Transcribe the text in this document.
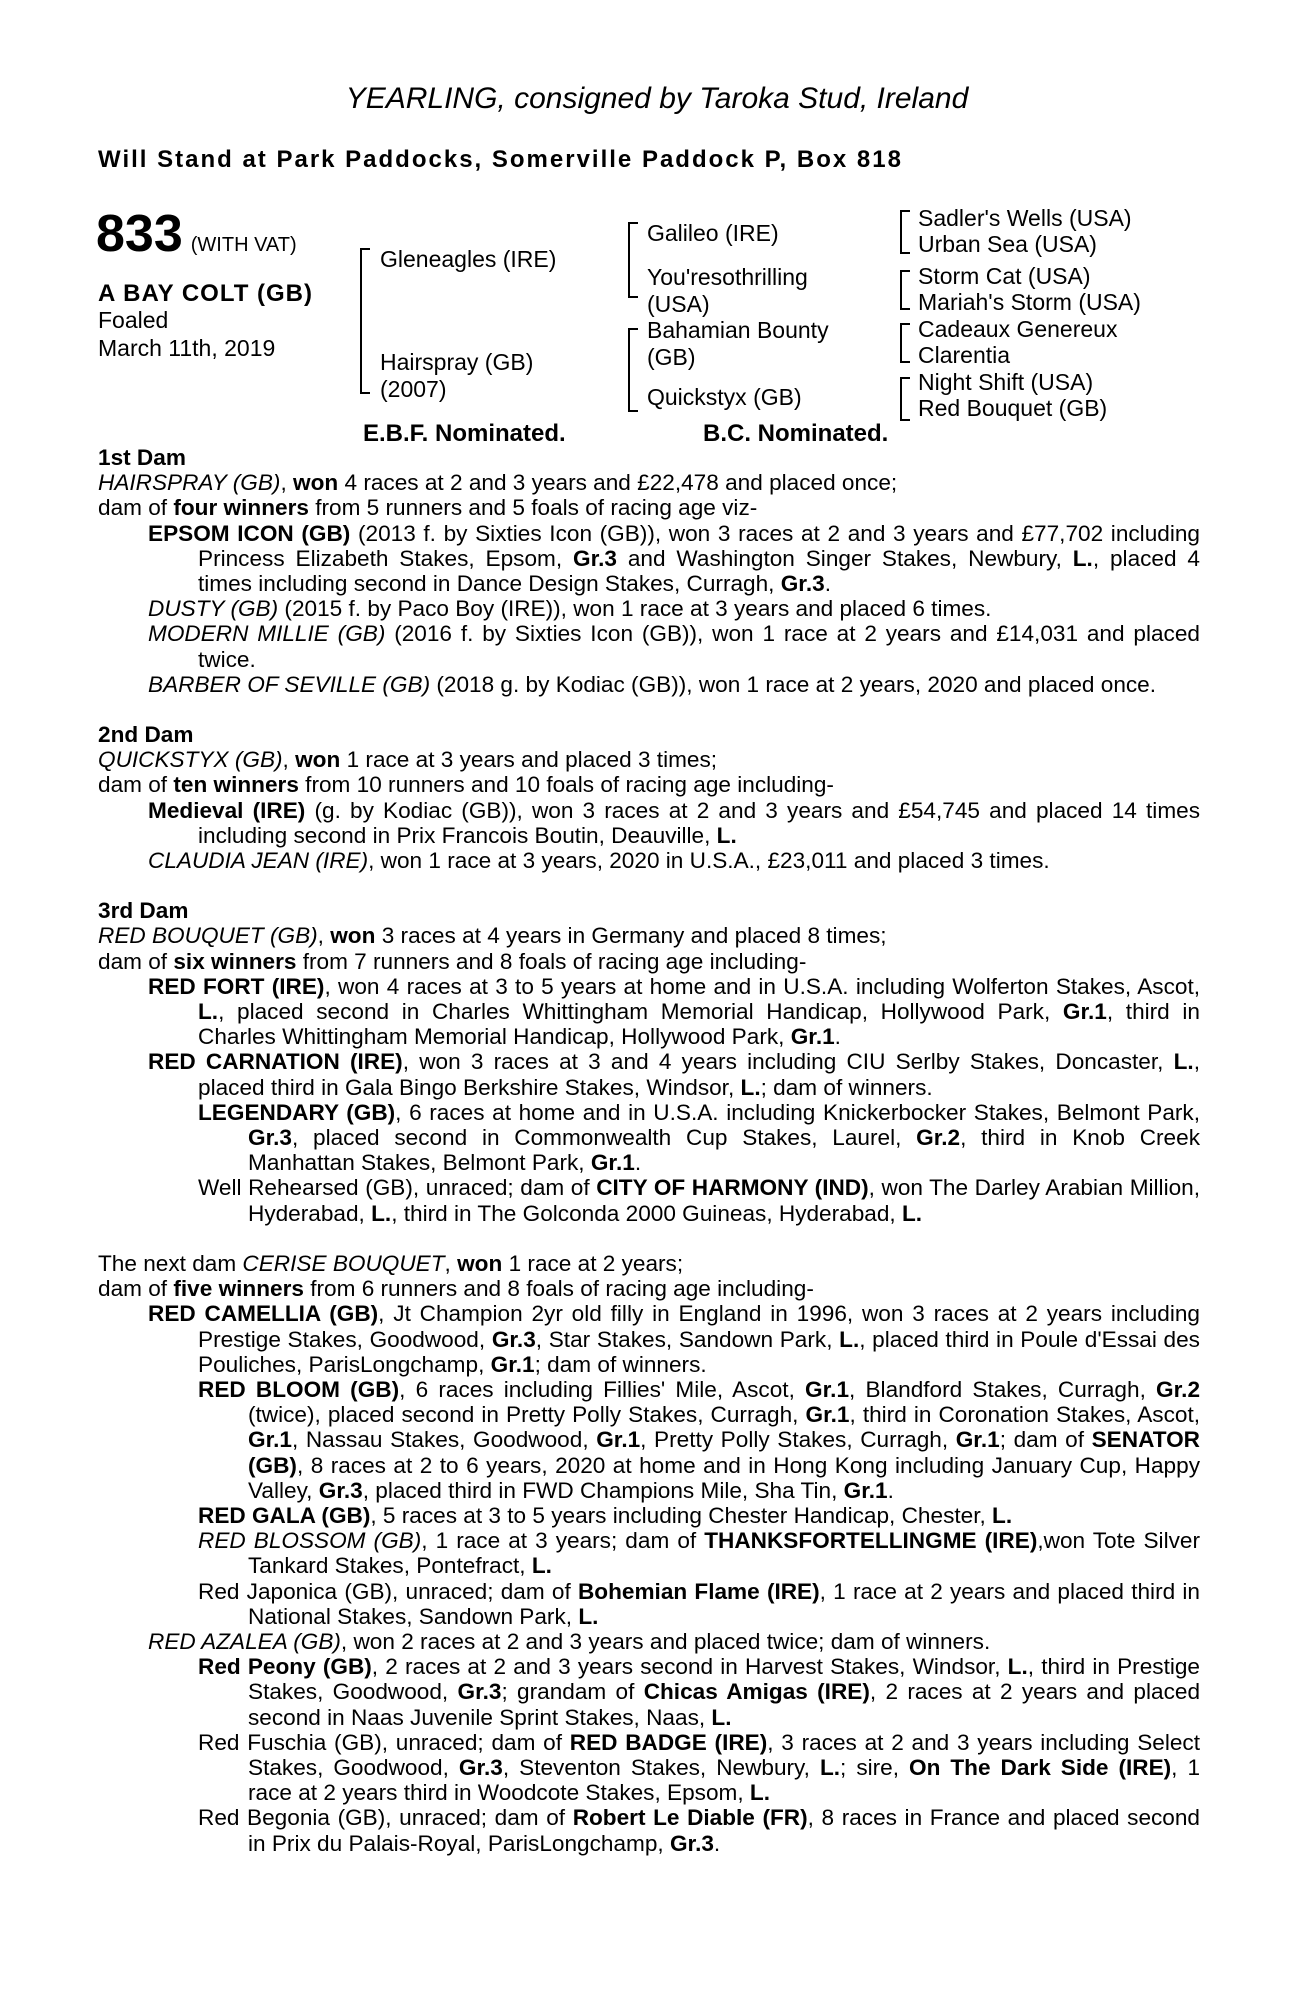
YEARLING, consigned by Taroka Stud, Ireland
Will Stand at Park Paddocks, Somerville Paddock P, Box 818
833 (WITH VAT)
A BAY COLT (GB)
Foaled
March 11th, 2019
Gleneagles (IRE)
Hairspray (GB)
(2007)
Galileo (IRE)
You'resothrilling (USA)
Bahamian Bounty (GB)
Quickstyx (GB)
Sadler's Wells (USA)
Urban Sea (USA)
Storm Cat (USA)
Mariah's Storm (USA)
Cadeaux Genereux
Clarentia
Night Shift (USA)
Red Bouquet (GB)
E.B.F. Nominated.	B.C. Nominated.

1st Dam

HAIRSPRAY (GB), won 4 races at 2 and 3 years and £22,478 and placed once;

dam of four winners from 5 runners and 5 foals of racing age viz-

EPSOM ICON (GB) (2013 f. by Sixties Icon (GB)), won 3 races at 2 and 3 years and £77,702 including Princess Elizabeth Stakes, Epsom, Gr.3 and Washington Singer Stakes, Newbury, L., placed 4 times including second in Dance Design Stakes, Curragh, Gr.3.

DUSTY (GB) (2015 f. by Paco Boy (IRE)), won 1 race at 3 years and placed 6 times.

MODERN MILLIE (GB) (2016 f. by Sixties Icon (GB)), won 1 race at 2 years and £14,031 and placed twice.

BARBER OF SEVILLE (GB) (2018 g. by Kodiac (GB)), won 1 race at 2 years, 2020 and placed once.

2nd Dam

QUICKSTYX (GB), won 1 race at 3 years and placed 3 times;

dam of ten winners from 10 runners and 10 foals of racing age including-

Medieval (IRE) (g. by Kodiac (GB)), won 3 races at 2 and 3 years and £54,745 and placed 14 times including second in Prix Francois Boutin, Deauville, L.

CLAUDIA JEAN (IRE), won 1 race at 3 years, 2020 in U.S.A., £23,011 and placed 3 times.

3rd Dam

RED BOUQUET (GB), won 3 races at 4 years in Germany and placed 8 times;

dam of six winners from 7 runners and 8 foals of racing age including-

RED FORT (IRE), won 4 races at 3 to 5 years at home and in U.S.A. including Wolferton Stakes, Ascot, L., placed second in Charles Whittingham Memorial Handicap, Hollywood Park, Gr.1, third in Charles Whittingham Memorial Handicap, Hollywood Park, Gr.1.

RED CARNATION (IRE), won 3 races at 3 and 4 years including CIU Serlby Stakes, Doncaster, L., placed third in Gala Bingo Berkshire Stakes, Windsor, L.; dam of winners.

LEGENDARY (GB), 6 races at home and in U.S.A. including Knickerbocker Stakes, Belmont Park, Gr.3, placed second in Commonwealth Cup Stakes, Laurel, Gr.2, third in Knob Creek Manhattan Stakes, Belmont Park, Gr.1.

Well Rehearsed (GB), unraced; dam of CITY OF HARMONY (IND), won The Darley Arabian Million, Hyderabad, L., third in The Golconda 2000 Guineas, Hyderabad, L.

The next dam CERISE BOUQUET, won 1 race at 2 years;

dam of five winners from 6 runners and 8 foals of racing age including-

RED CAMELLIA (GB), Jt Champion 2yr old filly in England in 1996, won 3 races at 2 years including Prestige Stakes, Goodwood, Gr.3, Star Stakes, Sandown Park, L., placed third in Poule d'Essai des Pouliches, ParisLongchamp, Gr.1; dam of winners.

RED BLOOM (GB), 6 races including Fillies' Mile, Ascot, Gr.1, Blandford Stakes, Curragh, Gr.2 (twice), placed second in Pretty Polly Stakes, Curragh, Gr.1, third in Coronation Stakes, Ascot, Gr.1, Nassau Stakes, Goodwood, Gr.1, Pretty Polly Stakes, Curragh, Gr.1; dam of SENATOR (GB), 8 races at 2 to 6 years, 2020 at home and in Hong Kong including January Cup, Happy Valley, Gr.3, placed third in FWD Champions Mile, Sha Tin, Gr.1.

RED GALA (GB), 5 races at 3 to 5 years including Chester Handicap, Chester, L.

RED BLOSSOM (GB), 1 race at 3 years; dam of THANKSFORTELLINGME (IRE),won Tote Silver Tankard Stakes, Pontefract, L.

Red Japonica (GB), unraced; dam of Bohemian Flame (IRE), 1 race at 2 years and placed third in National Stakes, Sandown Park, L.

RED AZALEA (GB), won 2 races at 2 and 3 years and placed twice; dam of winners.

Red Peony (GB), 2 races at 2 and 3 years second in Harvest Stakes, Windsor, L., third in Prestige Stakes, Goodwood, Gr.3; grandam of Chicas Amigas (IRE), 2 races at 2 years and placed second in Naas Juvenile Sprint Stakes, Naas, L.

Red Fuschia (GB), unraced; dam of RED BADGE (IRE), 3 races at 2 and 3 years including Select Stakes, Goodwood, Gr.3, Steventon Stakes, Newbury, L.; sire, On The Dark Side (IRE), 1 race at 2 years third in Woodcote Stakes, Epsom, L.

Red Begonia (GB), unraced; dam of Robert Le Diable (FR), 8 races in France and placed second in Prix du Palais-Royal, ParisLongchamp, Gr.3.
